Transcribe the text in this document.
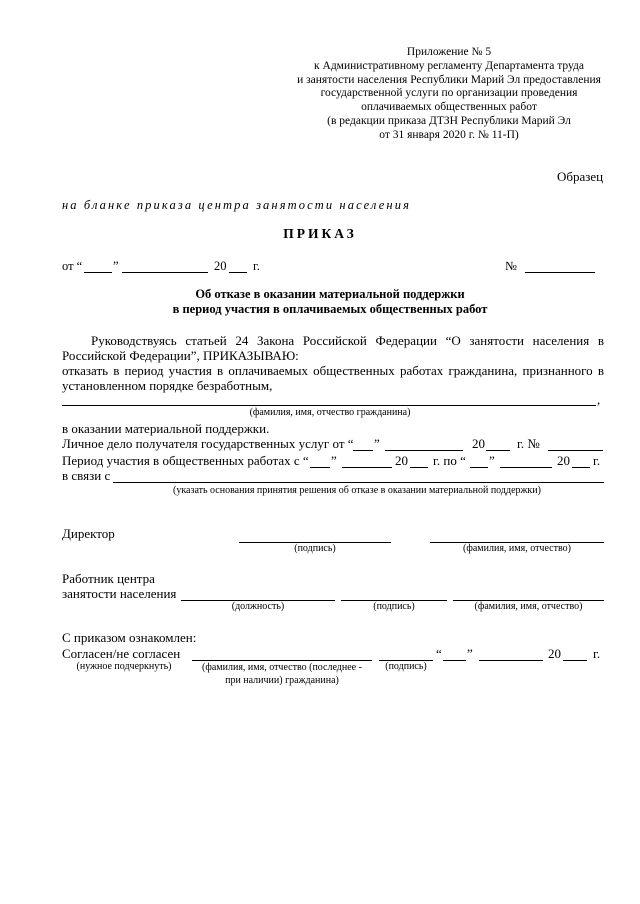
Приложение № 5
к Административному регламенту Департамента труда
и занятости населения Республики Марий Эл предоставления
государственной услуги по организации проведения
оплачиваемых общественных работ
(в редакции приказа ДТЗН Республики Марий Эл
от 31 января 2020 г. № 11-П)
Образец
на бланке приказа центра занятости населения
ПРИКАЗ
от “ ”	20 г.	№
Об отказе в оказании материальной поддержки
в период участия в оплачиваемых общественных работ
Руководствуясь статьей 24 Закона Российской Федерации “О занятости населения в
Российской Федерации”, ПРИКАЗЫВАЮ:
отказать в период участия в оплачиваемых общественных работах гражданина, признанного в
установленном порядке безработным,
,
(фамилия, имя, отчество гражданина)
в оказании материальной поддержки.
Личное дело получателя государственных услуг от “ ”	20 г. №
Период участия в общественных работах с “ ”	20 г. по “ ”	20 г.
в связи с
(указать основания принятия решения об отказе в оказании материальной поддержки)
Директор
(подпись)	(фамилия, имя, отчество)
Работник центра
занятости населения
(должность)	(подпись)	(фамилия, имя, отчество)
С приказом ознакомлен:
Согласен/не согласен
(нужное подчеркнуть)	(фамилия, имя, отчество (последнее -
при наличии) гражданина)
(подпись)
“ ”	20 г.
